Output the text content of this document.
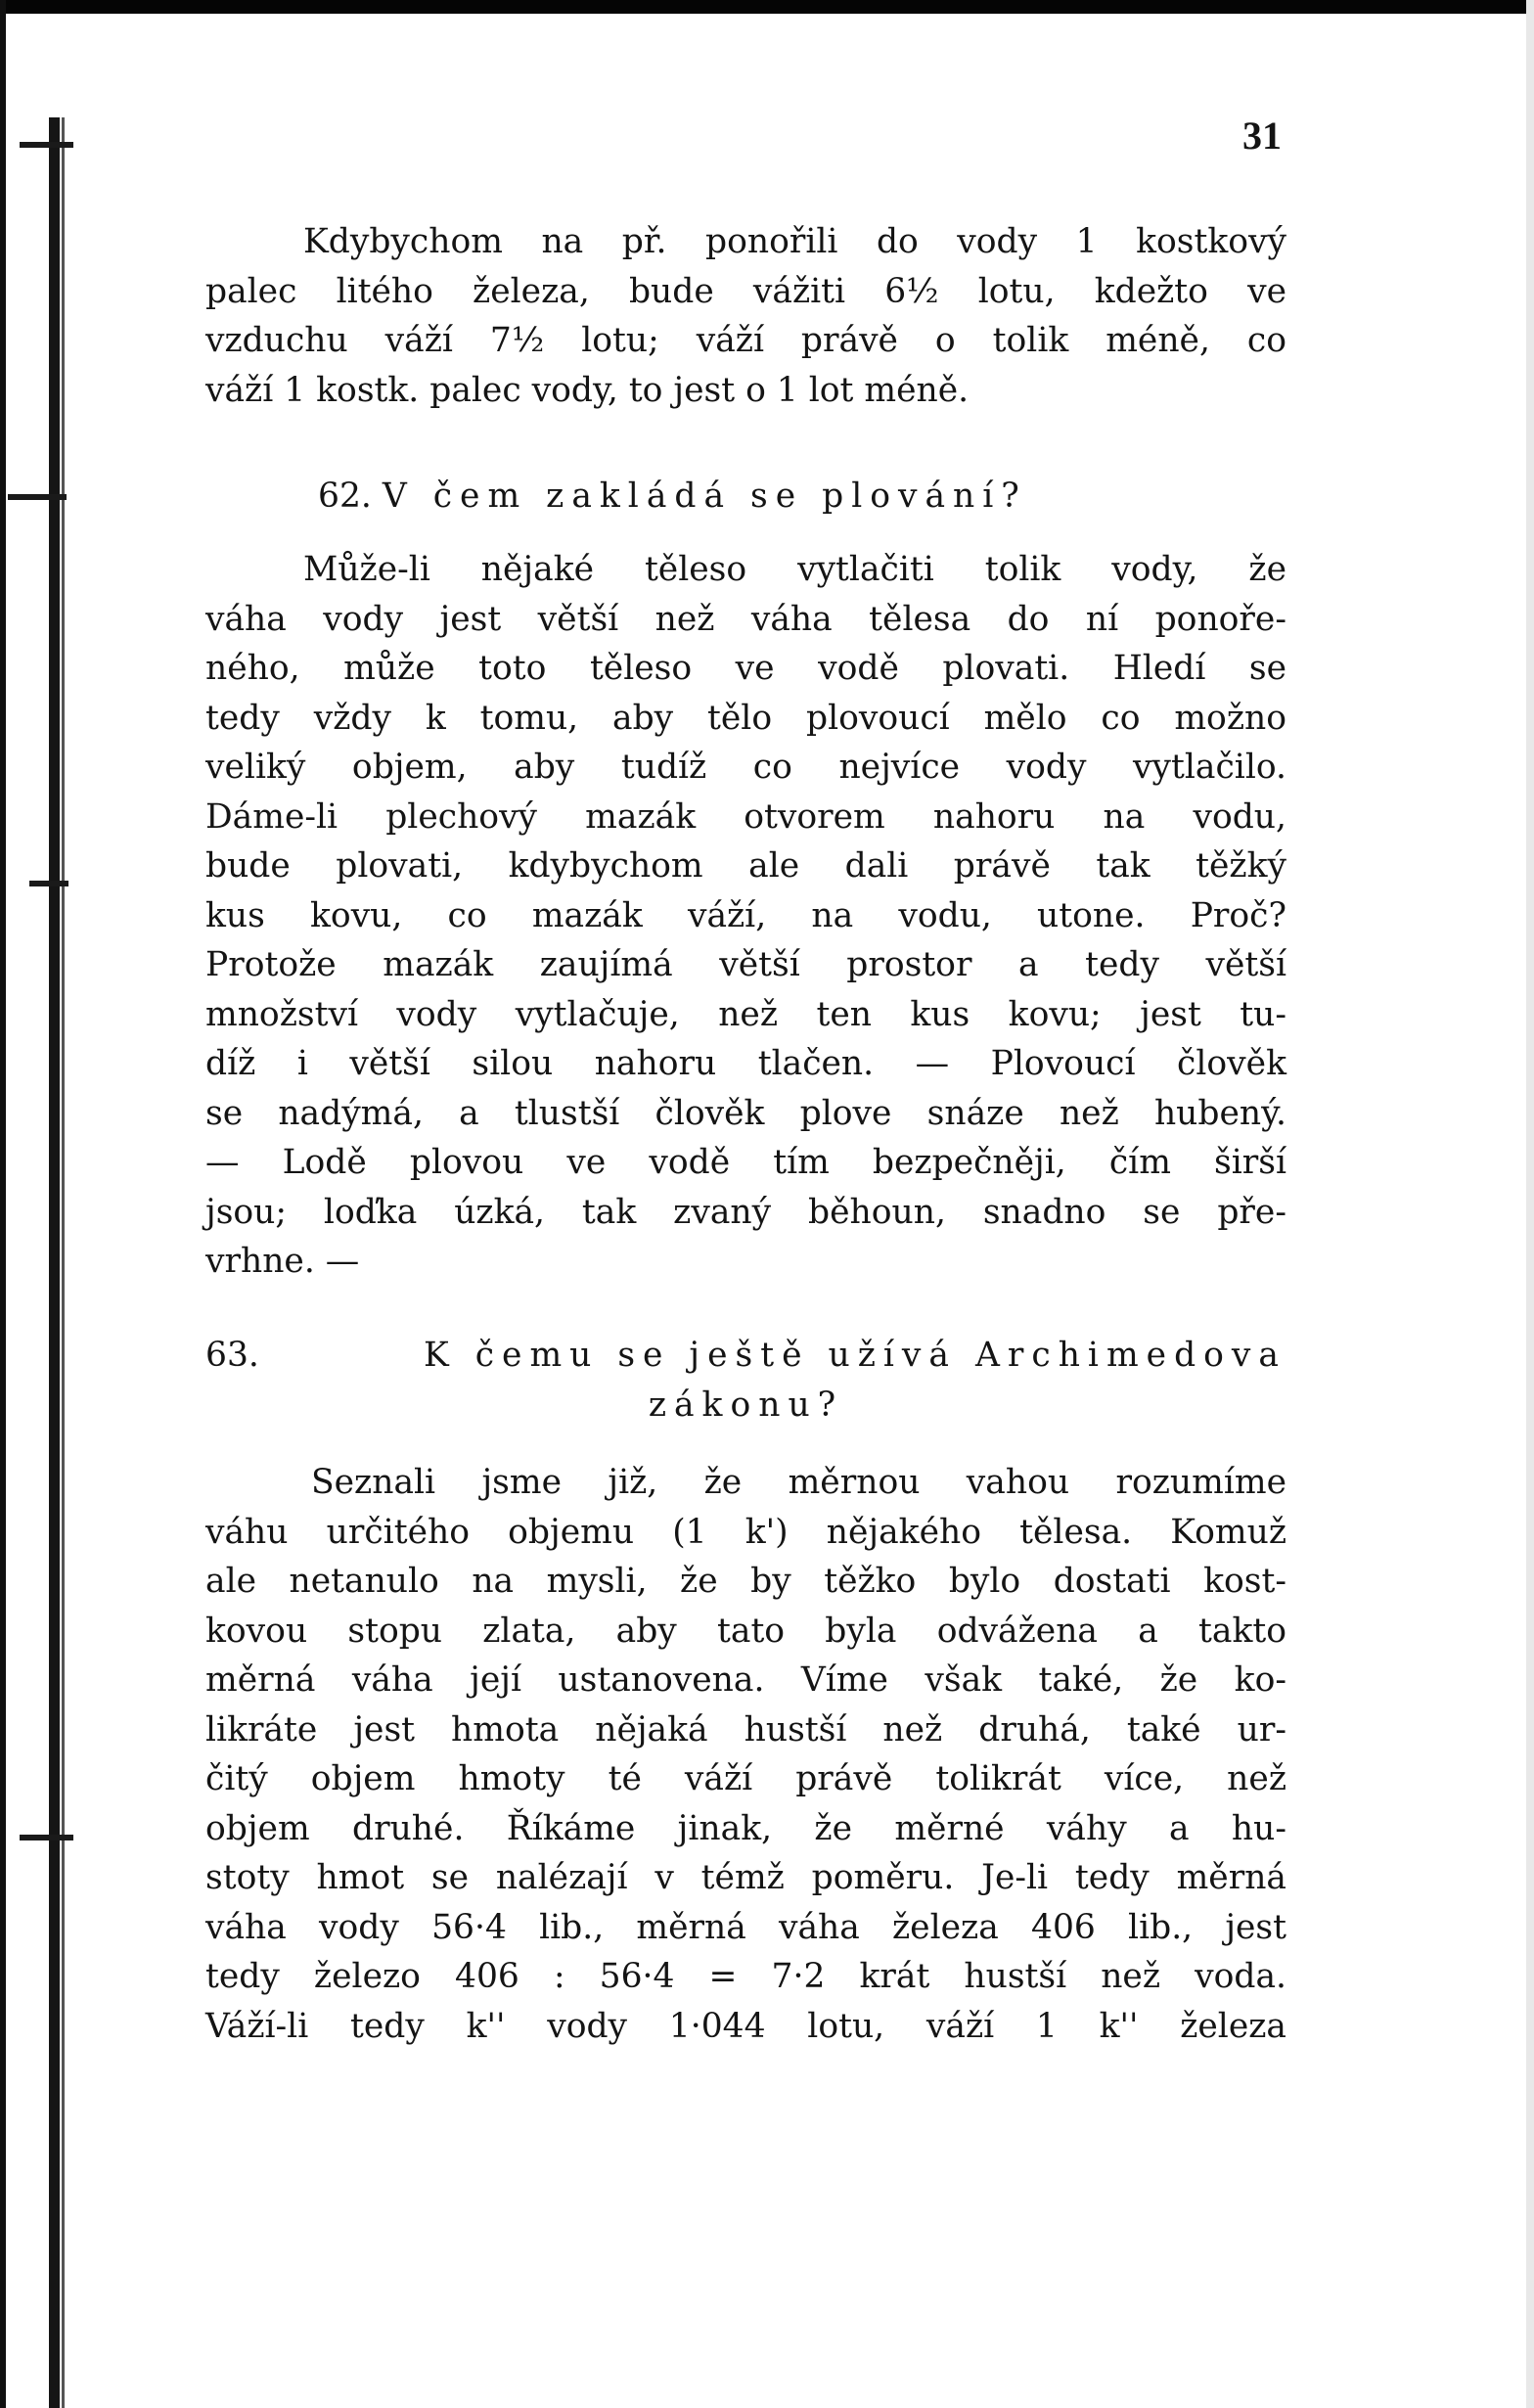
31
Kdybychom na př. ponořili do vody 1 kostkový
palec litého železa, bude vážiti 6½ lotu, kdežto ve
vzduchu váží 7½ lotu; váží právě o tolik méně, co
váží 1 kostk. palec vody, to jest o 1 lot méně.
62. V čem zakládá se plování?
Může-li nějaké těleso vytlačiti tolik vody, že
váha vody jest větší než váha tělesa do ní ponoře-
ného, může toto těleso ve vodě plovati. Hledí se
tedy vždy k tomu, aby tělo plovoucí mělo co možno
veliký objem, aby tudíž co nejvíce vody vytlačilo.
Dáme-li plechový mazák otvorem nahoru na vodu,
bude plovati, kdybychom ale dali právě tak těžký
kus kovu, co mazák váží, na vodu, utone. Proč?
Protože mazák zaujímá větší prostor a tedy větší
množství vody vytlačuje, než ten kus kovu; jest tu-
díž i větší silou nahoru tlačen. — Plovoucí člověk
se nadýmá, a tlustší člověk plove snáze než hubený.
— Lodě plovou ve vodě tím bezpečněji, čím širší
jsou; loďka úzká, tak zvaný běhoun, snadno se pře-
vrhne. —
63.	K čemu se ještě užívá Archimedova
zákonu?
Seznali jsme již, že měrnou vahou rozumíme
váhu určitého objemu (1 k') nějakého tělesa. Komuž
ale netanulo na mysli, že by těžko bylo dostati kost-
kovou stopu zlata, aby tato byla odvážena a takto
měrná váha její ustanovena. Víme však také, že ko-
likráte jest hmota nějaká hustší než druhá, také ur-
čitý objem hmoty té váží právě tolikrát více, než
objem druhé. Říkáme jinak, že měrné váhy a hu-
stoty hmot se nalézají v témž poměru. Je-li tedy měrná
váha vody 56·4 lib., měrná váha železa 406 lib., jest
tedy železo 406 : 56·4 = 7·2 krát hustší než voda.
Váží-li tedy k'' vody 1·044 lotu, váží 1 k'' železa
